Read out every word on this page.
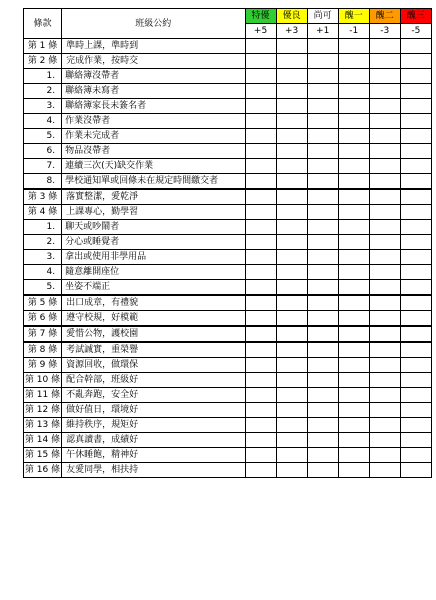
條款	班級公約	特優	優良	尚可	醜一	醜二	醜三
		+5	+3	+1	-1	-3	-5
第 1 條	準時上課，準時到						
第 2 條	完成作業，按時交						
1.	聯絡簿沒帶者						
2.	聯絡簿未寫者						
3.	聯絡簿家長未簽名者						
4.	作業沒帶者						
5.	作業未完成者						
6.	物品沒帶者						
7.	連續三次(天)缺交作業						
8.	學校通知單或回條未在規定時間繳交者						
第 3 條	落實整潔，愛乾淨						
第 4 條	上課專心，勤學習						
1.	聊天或吵鬧者						
2.	分心或睡覺者						
3.	拿出或使用非學用品						
4.	隨意離開座位						
5.	坐姿不端正						
第 5 條	出口成章，有禮貌						
第 6 條	遵守校規，好模範						
第 7 條	愛惜公物，護校園						
第 8 條	考試誠實，重榮譽						
第 9 條	資源回收，做環保						
第 10 條	配合幹部，班級好						
第 11 條	不亂奔跑，安全好						
第 12 條	做好值日，環境好						
第 13 條	維持秩序，規矩好						
第 14 條	認真讀書，成績好						
第 15 條	午休睡飽，精神好						
第 16 條	友愛同學，相扶持						
